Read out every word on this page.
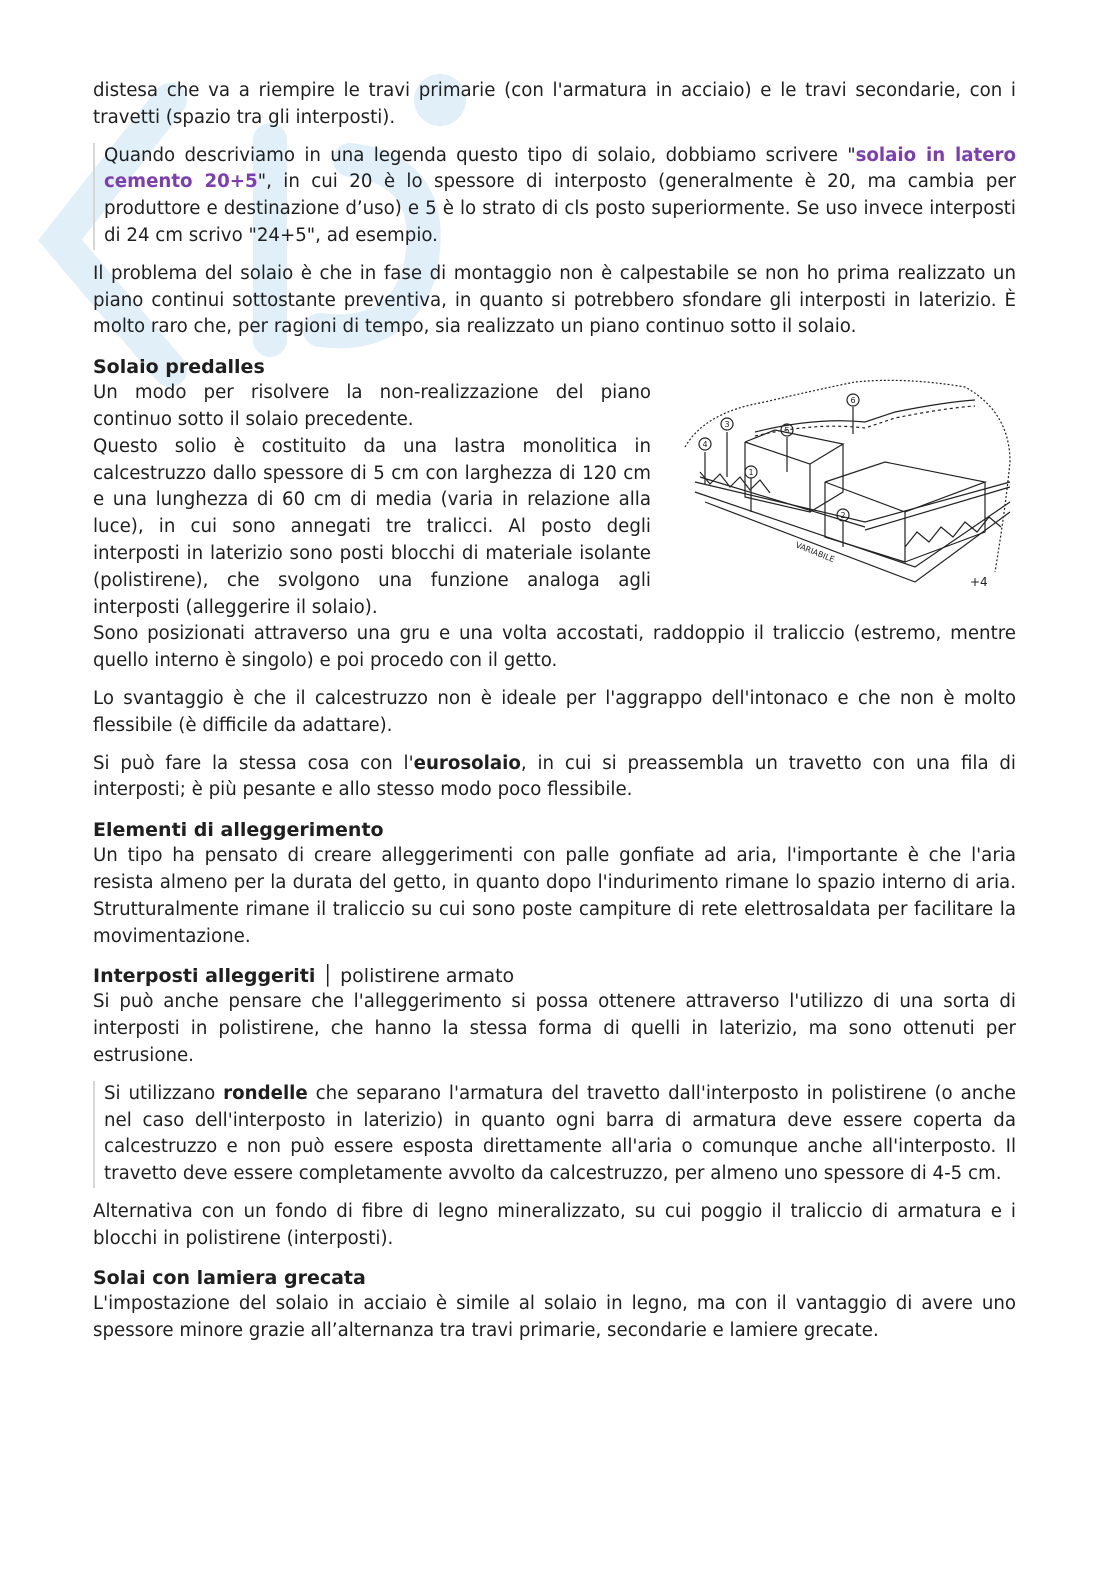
distesa che va a riempire le travi primarie (con l'armatura in acciaio) e le travi secondarie, con i travetti (spazio tra gli interposti).

Quando descriviamo in una legenda questo tipo di solaio, dobbiamo scrivere "solaio in latero cemento 20+5", in cui 20 è lo spessore di interposto (generalmente è 20, ma cambia per produttore e destinazione d’uso) e 5 è lo strato di cls posto superiormente. Se uso invece interposti di 24 cm scrivo "24+5", ad esempio.

Il problema del solaio è che in fase di montaggio non è calpestabile se non ho prima realizzato un piano continui sottostante preventiva, in quanto si potrebbero sfondare gli interposti in laterizio. È molto raro che, per ragioni di tempo, sia realizzato un piano continuo sotto il solaio.

Solaio predalles

Un modo per risolvere la non-realizzazione del piano continuo sotto il solaio precedente.

Questo solio è costituito da una lastra monolitica in calcestruzzo dallo spessore di 5 cm con larghezza di 120 cm e una lunghezza di 60 cm di media (varia in relazione alla luce), in cui sono annegati tre tralicci. Al posto degli interposti in laterizio sono posti blocchi di materiale isolante (polistirene), che svolgono una funzione analoga agli interposti (alleggerire il solaio).

1
2
3
4
5
6
VARIABILE
+4

Sono posizionati attraverso una gru e una volta accostati, raddoppio il traliccio (estremo, mentre quello interno è singolo) e poi procedo con il getto.

Lo svantaggio è che il calcestruzzo non è ideale per l'aggrappo dell'intonaco e che non è molto flessibile (è difficile da adattare).

Si può fare la stessa cosa con l'eurosolaio, in cui si preassembla un travetto con una fila di interposti; è più pesante e allo stesso modo poco flessibile.

Elementi di alleggerimento

Un tipo ha pensato di creare alleggerimenti con palle gonfiate ad aria, l'importante è che l'aria resista almeno per la durata del getto, in quanto dopo l'indurimento rimane lo spazio interno di aria. Strutturalmente rimane il traliccio su cui sono poste campiture di rete elettrosaldata per facilitare la movimentazione.

Interposti alleggeriti │ polistirene armato

Si può anche pensare che l'alleggerimento si possa ottenere attraverso l'utilizzo di una sorta di interposti in polistirene, che hanno la stessa forma di quelli in laterizio, ma sono ottenuti per estrusione.

Si utilizzano rondelle che separano l'armatura del travetto dall'interposto in polistirene (o anche nel caso dell'interposto in laterizio) in quanto ogni barra di armatura deve essere coperta da calcestruzzo e non può essere esposta direttamente all'aria o comunque anche all'interposto. Il travetto deve essere completamente avvolto da calcestruzzo, per almeno uno spessore di 4-5 cm.

Alternativa con un fondo di fibre di legno mineralizzato, su cui poggio il traliccio di armatura e i blocchi in polistirene (interposti).

Solai con lamiera grecata

L'impostazione del solaio in acciaio è simile al solaio in legno, ma con il vantaggio di avere uno spessore minore grazie all’alternanza tra travi primarie, secondarie e lamiere grecate.
